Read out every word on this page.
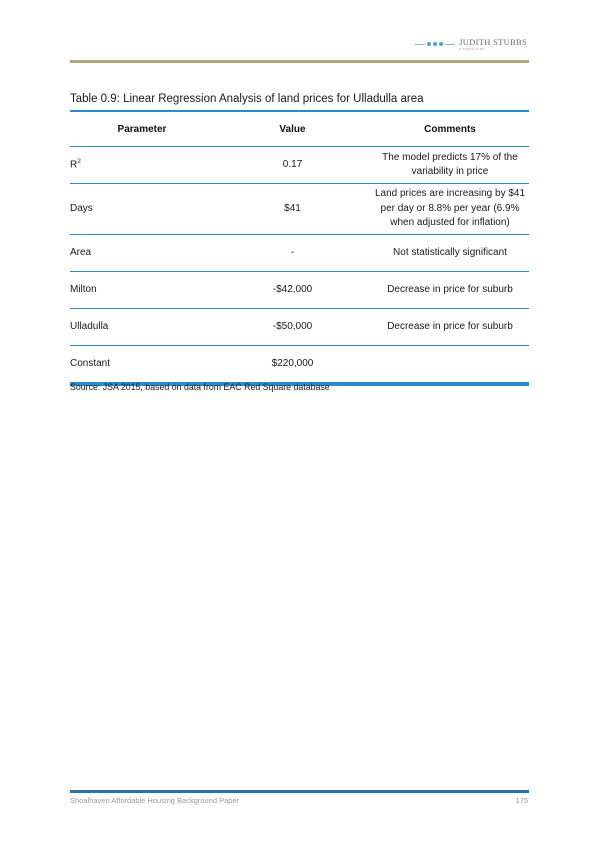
JUDITH STUBBS
& ASSOCIATES
Table 0.9: Linear Regression Analysis of land prices for Ulladulla area
Parameter	Value	Comments
$R^2$	0.17	The model predicts 17% of the variability in price
Days	$41	Land prices are increasing by $41 per day or 8.8% per year (6.9% when adjusted for inflation)
Area	-	Not statistically significant
Milton	-$42,000	Decrease in price for suburb
Ulladulla	-$50,000	Decrease in price for suburb
Constant	$220,000	
Source: JSA 2015, based on data from EAC Red Square database
Shoalhaven Affordable Housing Background Paper	175
